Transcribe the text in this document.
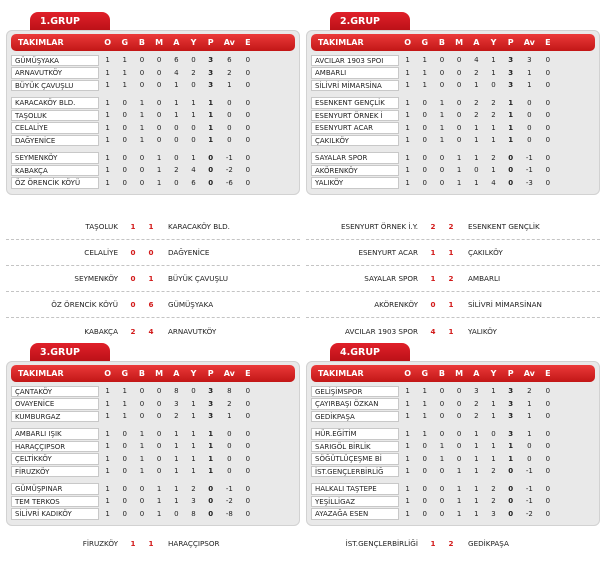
1.GRUP
TAKIMLAR	O	G	B	M	A	Y	P	Av	E
GÜMÜŞYAKA	1	1	0	0	6	0	3	6	0
ARNAVUTKÖY	1	1	0	0	4	2	3	2	0
BÜYÜK ÇAVUŞLU	1	1	0	0	1	0	3	1	0
KARACAKÖY BLD.	1	0	1	0	1	1	1	0	0
TAŞOLUK	1	0	1	0	1	1	1	0	0
CELALİYE	1	0	1	0	0	0	1	0	0
DAĞYENİCE	1	0	1	0	0	0	1	0	0
SEYMENKÖY	1	0	0	1	0	1	0	-1	0
KABAKÇA	1	0	0	1	2	4	0	-2	0
ÖZ ÖRENCİK KÖYÜ	1	0	0	1	0	6	0	-6	0
TAŞOLUK	1	1	KARACAKÖY BLD.
CELALİYE	0	0	DAĞYENİCE
SEYMENKÖY	0	1	BÜYÜK ÇAVUŞLU
ÖZ ÖRENCİK KÖYÜ	0	6	GÜMÜŞYAKA
KABAKÇA	2	4	ARNAVUTKÖY
2.GRUP
TAKIMLAR	O	G	B	M	A	Y	P	Av	E
AVCILAR 1903 SPOI	1	1	0	0	4	1	3	3	0
AMBARLI	1	1	0	0	2	1	3	1	0
SİLİVRİ MİMARSİNA	1	1	0	0	1	0	3	1	0
ESENKENT GENÇLİK	1	0	1	0	2	2	1	0	0
ESENYURT ÖRNEK İ	1	0	1	0	2	2	1	0	0
ESENYURT ACAR	1	0	1	0	1	1	1	0	0
ÇAKILKÖY	1	0	1	0	1	1	1	0	0
SAYALAR SPOR	1	0	0	1	1	2	0	-1	0
AKÖRENKÖY	1	0	0	1	0	1	0	-1	0
YALIKÖY	1	0	0	1	1	4	0	-3	0
ESENYURT ÖRNEK İ.Y.	2	2	ESENKENT GENÇLİK
ESENYURT ACAR	1	1	ÇAKILKÖY
SAYALAR SPOR	1	2	AMBARLI
AKÖRENKÖY	0	1	SİLİVRİ MİMARSİNAN
AVCILAR 1903 SPOR	4	1	YALIKÖY
3.GRUP
TAKIMLAR	O	G	B	M	A	Y	P	Av	E
ÇANTAKÖY	1	1	0	0	8	0	3	8	0
OVAYENİCE	1	1	0	0	3	1	3	2	0
KUMBURGAZ	1	1	0	0	2	1	3	1	0
AMBARLI IŞIK	1	0	1	0	1	1	1	0	0
HARAÇÇIPSOR	1	0	1	0	1	1	1	0	0
ÇELTİKKÖY	1	0	1	0	1	1	1	0	0
FİRUZKÖY	1	0	1	0	1	1	1	0	0
GÜMÜŞPINAR	1	0	0	1	1	2	0	-1	0
TEM TERKOS	1	0	0	1	1	3	0	-2	0
SİLİVRİ KADIKÖY	1	0	0	1	0	8	0	-8	0
FİRUZKÖY	1	1	HARAÇÇIPSOR
4.GRUP
TAKIMLAR	O	G	B	M	A	Y	P	Av	E
GELİŞİMSPOR	1	1	0	0	3	1	3	2	0
ÇAYIRBAŞI ÖZKAN	1	1	0	0	2	1	3	1	0
GEDİKPAŞA	1	1	0	0	2	1	3	1	0
HÜR.EĞİTİM	1	1	0	0	1	0	3	1	0
SARIGÖL BİRLİK	1	0	1	0	1	1	1	0	0
SÖĞÜTLÜÇEŞME Bİ	1	0	1	0	1	1	1	0	0
İST.GENÇLERBİRLİĞ	1	0	0	1	1	2	0	-1	0
HALKALI TAŞTEPE	1	0	0	1	1	2	0	-1	0
YEŞİLLİGAZ	1	0	0	1	1	2	0	-1	0
AYAZAĞA ESEN	1	0	0	1	1	3	0	-2	0
İST.GENÇLERBİRLİĞİ	1	2	GEDİKPAŞA
